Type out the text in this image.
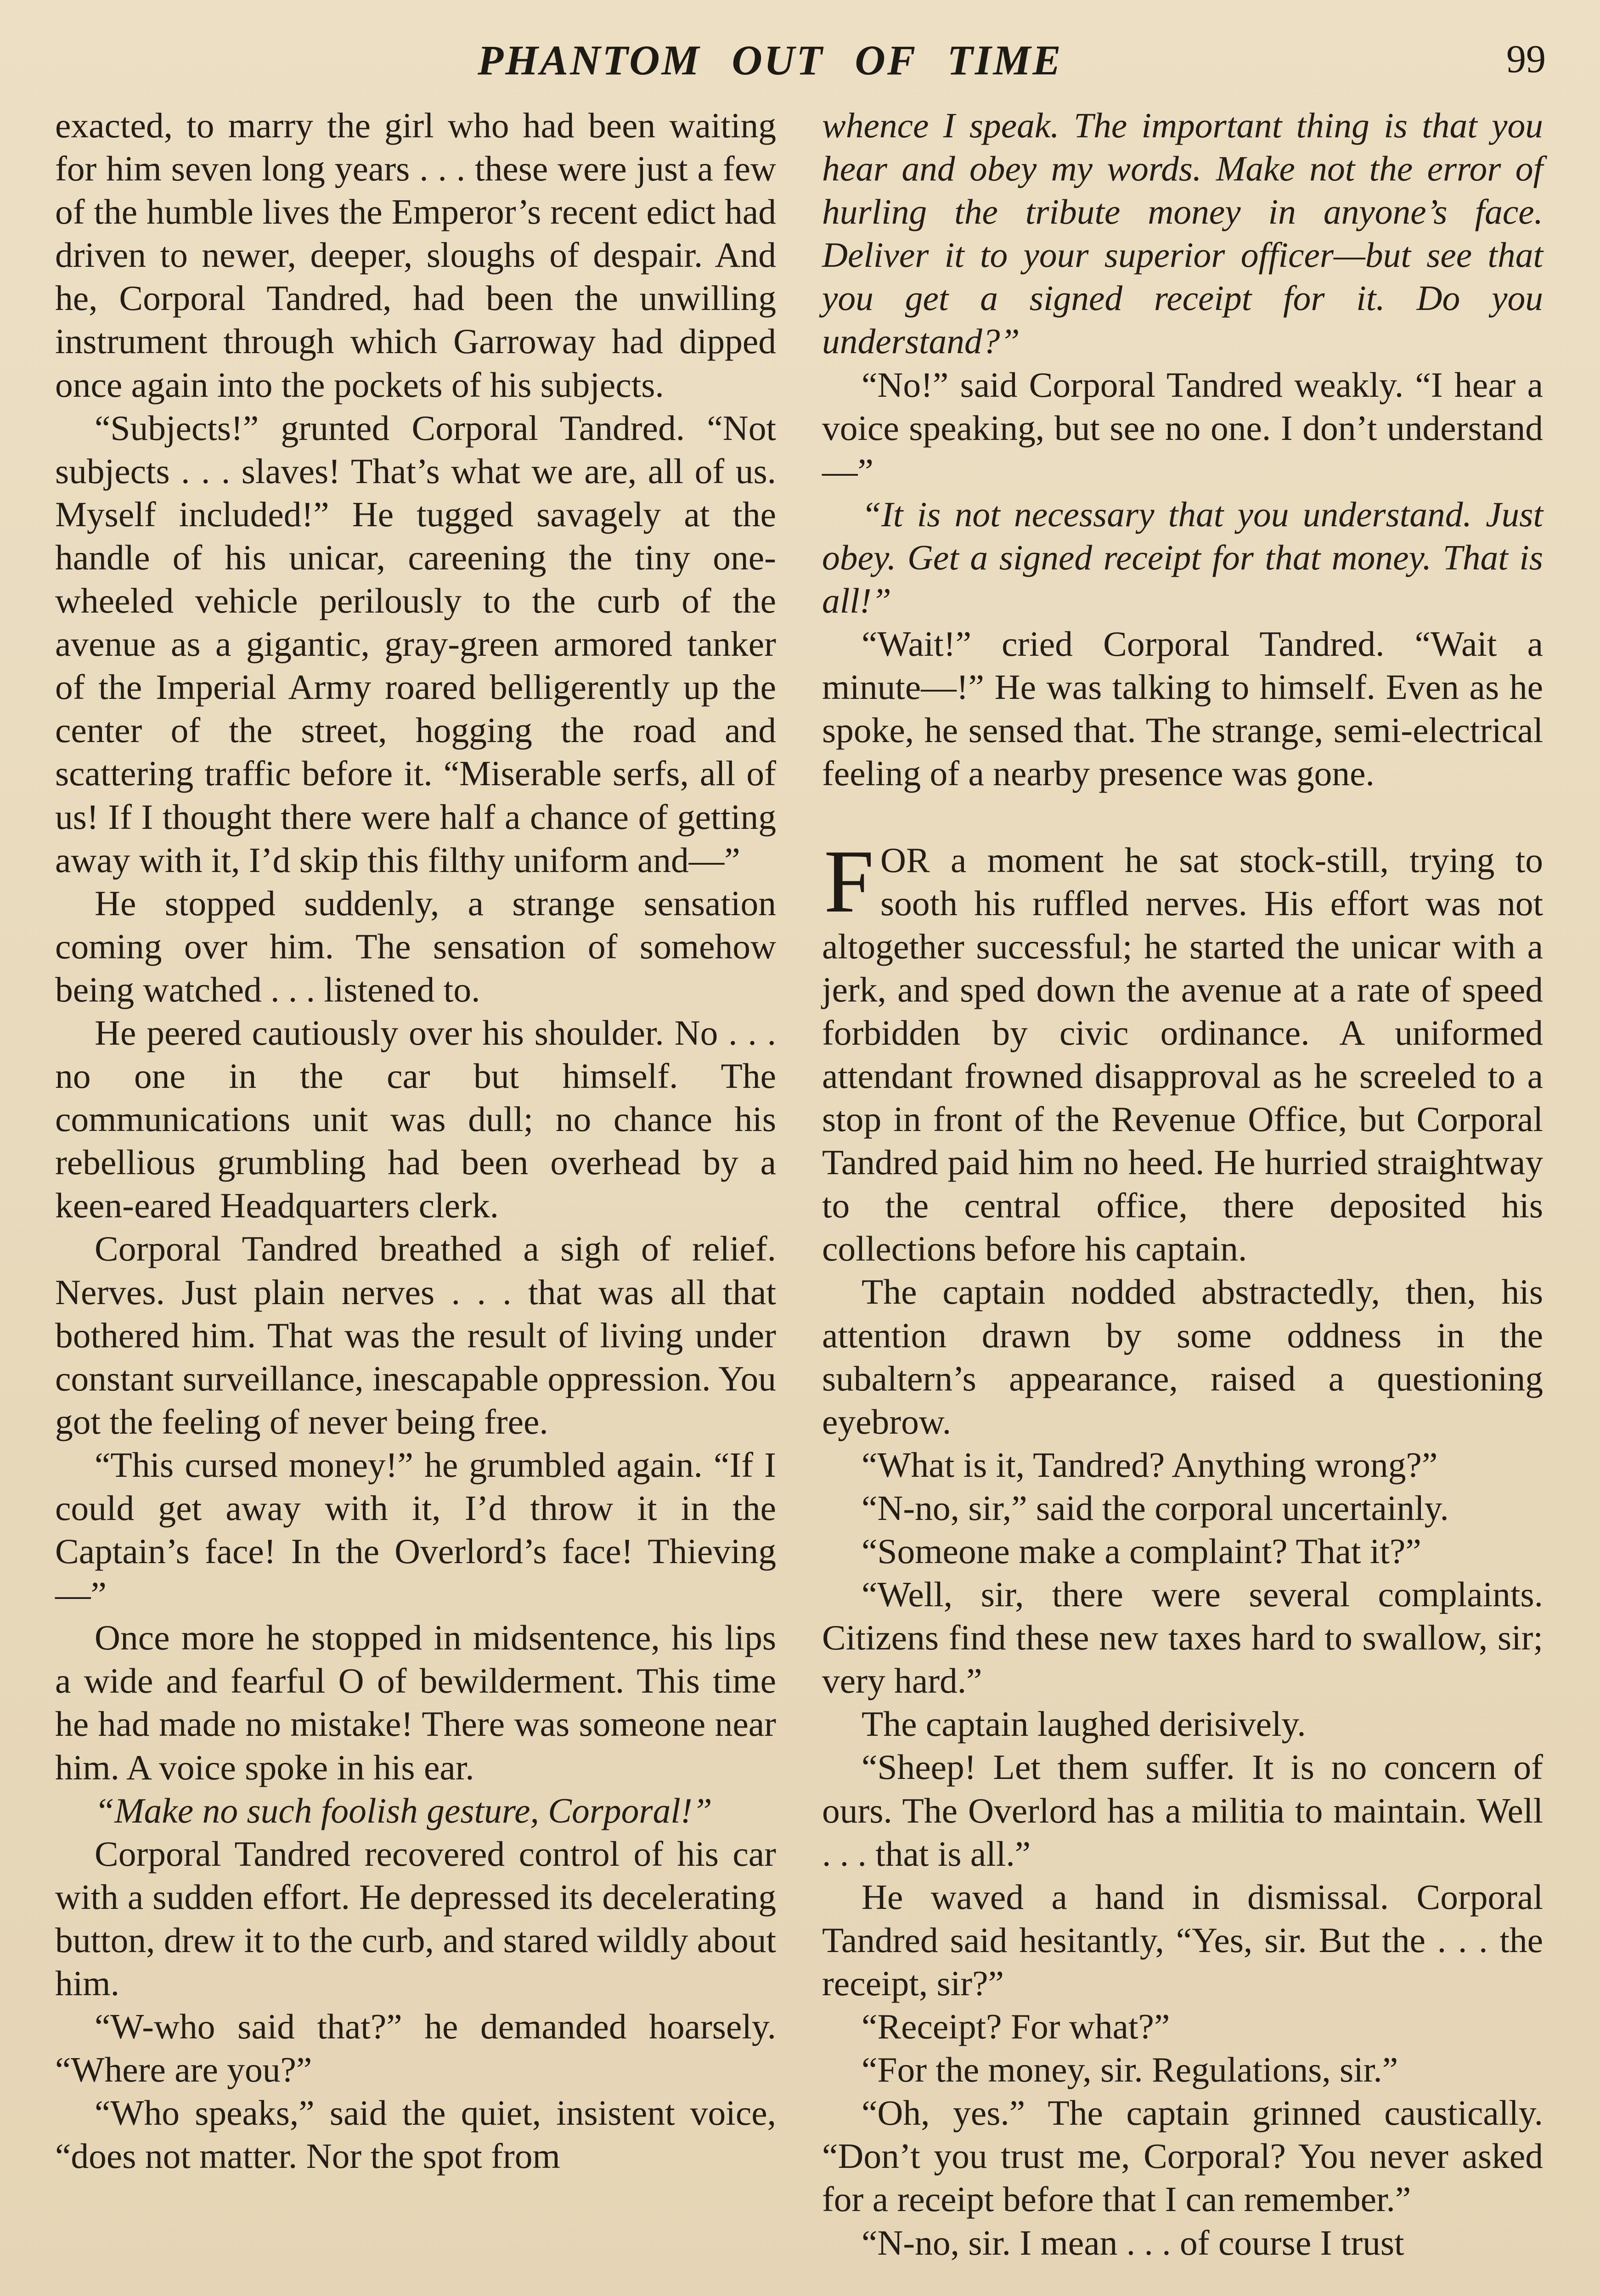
PHANTOM OUT OF TIME	99

exacted, to marry the girl who had been waiting for him seven long years . . . these were just a few of the humble lives the Emperor’s recent edict had driven to newer, deeper, sloughs of despair. And he, Corporal Tandred, had been the unwilling instrument through which Garroway had dipped once again into the pockets of his subjects.

“Subjects!” grunted Corporal Tandred. “Not subjects . . . slaves! That’s what we are, all of us. Myself included!” He tugged savagely at the handle of his unicar, careening the tiny one-wheeled vehicle perilously to the curb of the avenue as a gigantic, gray-green armored tanker of the Imperial Army roared belligerently up the center of the street, hogging the road and scattering traffic before it. “Miserable serfs, all of us! If I thought there were half a chance of getting away with it, I’d skip this filthy uniform and—”

He stopped suddenly, a strange sensation coming over him. The sensation of somehow being watched . . . listened to.

He peered cautiously over his shoulder. No . . . no one in the car but himself. The communications unit was dull; no chance his rebellious grumbling had been overhead by a keen-eared Headquarters clerk.

Corporal Tandred breathed a sigh of relief. Nerves. Just plain nerves . . . that was all that bothered him. That was the result of living under constant surveillance, inescapable oppression. You got the feeling of never being free.

“This cursed money!” he grumbled again. “If I could get away with it, I’d throw it in the Captain’s face! In the Overlord’s face! Thieving—”

Once more he stopped in midsentence, his lips a wide and fearful O of bewilderment. This time he had made no mistake! There was someone near him. A voice spoke in his ear.

“Make no such foolish gesture, Corporal!”

Corporal Tandred recovered control of his car with a sudden effort. He depressed its decelerating button, drew it to the curb, and stared wildly about him.

“W-who said that?” he demanded hoarsely. “Where are you?”

“Who speaks,” said the quiet, insistent voice, “does not matter. Nor the spot from

whence I speak. The important thing is that you hear and obey my words. Make not the error of hurling the tribute money in anyone’s face. Deliver it to your superior officer—but see that you get a signed receipt for it. Do you understand?”

“No!” said Corporal Tandred weakly. “I hear a voice speaking, but see no one. I don’t understand—”

“It is not necessary that you understand. Just obey. Get a signed receipt for that money. That is all!”

“Wait!” cried Corporal Tandred. “Wait a minute—!” He was talking to himself. Even as he spoke, he sensed that. The strange, semi-electrical feeling of a nearby presence was gone.

FOR a moment he sat stock-still, trying to sooth his ruffled nerves. His effort was not altogether successful; he started the unicar with a jerk, and sped down the avenue at a rate of speed forbidden by civic ordinance. A uniformed attendant frowned disapproval as he screeled to a stop in front of the Revenue Office, but Corporal Tandred paid him no heed. He hurried straightway to the central office, there deposited his collections before his captain.

The captain nodded abstractedly, then, his attention drawn by some oddness in the subaltern’s appearance, raised a questioning eyebrow.

“What is it, Tandred? Anything wrong?”

“N-no, sir,” said the corporal uncertainly.

“Someone make a complaint? That it?”

“Well, sir, there were several complaints. Citizens find these new taxes hard to swallow, sir; very hard.”

The captain laughed derisively.

“Sheep! Let them suffer. It is no concern of ours. The Overlord has a militia to maintain. Well . . . that is all.”

He waved a hand in dismissal. Corporal Tandred said hesitantly, “Yes, sir. But the . . . the receipt, sir?”

“Receipt? For what?”

“For the money, sir. Regulations, sir.”

“Oh, yes.” The captain grinned caustically. “Don’t you trust me, Corporal? You never asked for a receipt before that I can remember.”

“N-no, sir. I mean . . . of course I trust
